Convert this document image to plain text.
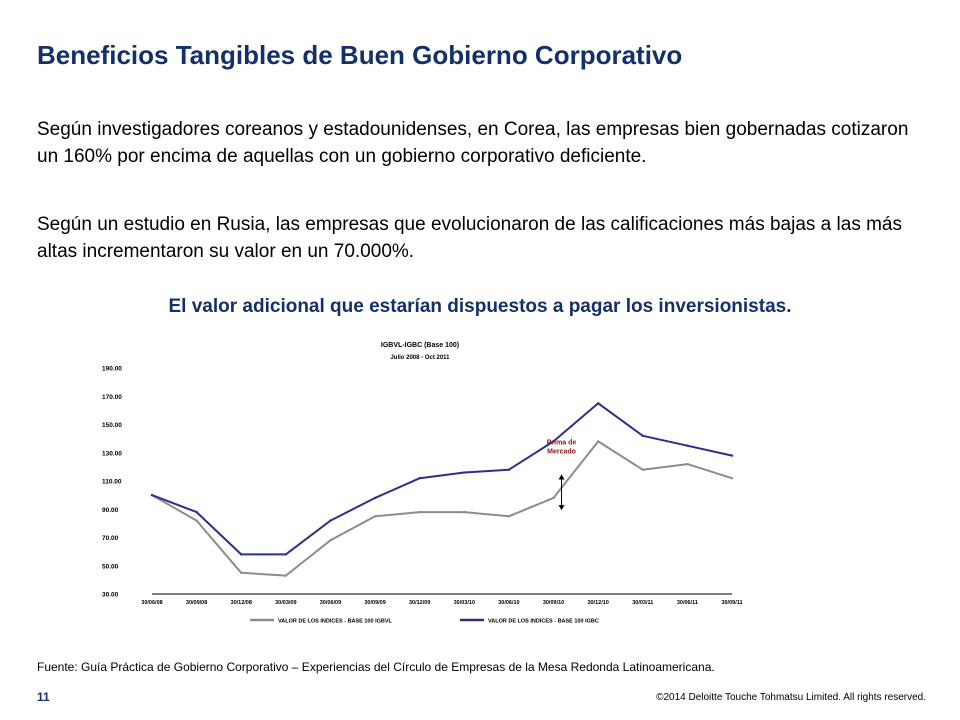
Beneficios Tangibles de Buen Gobierno Corporativo

Según investigadores coreanos y estadounidenses, en Corea, las empresas bien gobernadas cotizaron un 160% por encima de aquellas con un gobierno corporativo deficiente.

Según un estudio en Rusia, las empresas que evolucionaron de las calificaciones más bajas a las más altas incrementaron su valor en un 70.000%.

El valor adicional que estarían dispuestos a pagar los inversionistas.

IGBVL-IGBC (Base 100)
Julio 2008 - Oct 2011
30.00
50.00
70.00
90.00
110.00
130.00
150.00
170.00
190.00
30/06/08	30/09/08	30/12/08	30/03/09	30/06/09	30/09/09	30/12/09	30/03/10	30/06/10	30/09/10	30/12/10	30/03/11	30/06/11	30/09/11
Prima de
Mercado
VALOR DE LOS INDICES - BASE 100 IGBVL	VALOR DE LOS INDICES - BASE 100 IGBC
Fuente: Guía Práctica de Gobierno Corporativo – Experiencias del Círculo de Empresas de la Mesa Redonda Latinoamericana.
11	©2014 Deloitte Touche Tohmatsu Limited. All rights reserved.
